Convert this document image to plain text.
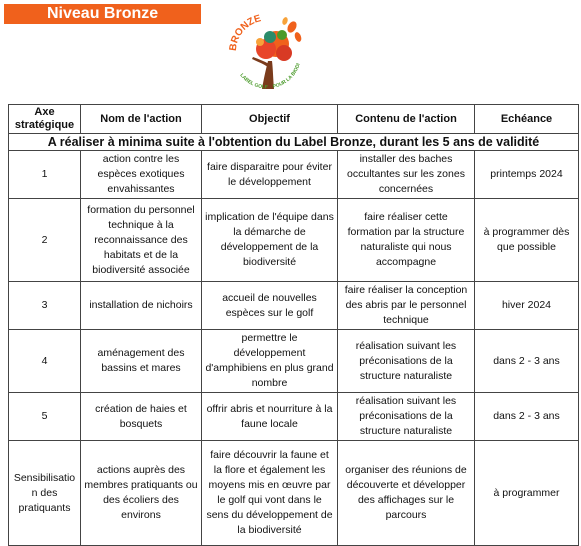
Niveau Bronze
BRONZE
LABEL GOLF POUR LA BIODI
Axe stratégique	Nom de l'action	Objectif	Contenu de l'action	Echéance
A réaliser à minima suite à l'obtention du Label Bronze, durant les 5 ans de validité				
1	action contre les espèces exotiques envahissantes	faire disparaitre pour éviter le développement	installer des baches occultantes sur les zones concernées	printemps 2024
2	formation du personnel technique à la reconnaissance des habitats et de la biodiversité associée	implication de l'équipe dans la démarche de développement de la biodiversité	faire réaliser cette formation par la structure naturaliste qui nous accompagne	à programmer dès que possible
3	installation de nichoirs	accueil de nouvelles espèces sur le golf	faire réaliser la conception des abris par le personnel technique	hiver 2024
4	aménagement des bassins et mares	permettre le développement d'amphibiens en plus grand nombre	réalisation suivant les préconisations de la structure naturaliste	dans 2 - 3 ans
5	création de haies et bosquets	offrir abris et nourriture à la faune locale	réalisation suivant les préconisations de la structure naturaliste	dans 2 - 3 ans
Sensibilisatio n des pratiquants	actions auprès des membres pratiquants ou des écoliers des environs	faire découvrir la faune et la flore et également les moyens mis en œuvre par le golf qui vont dans le sens du développement de la biodiversité	organiser des réunions de découverte et développer des affichages sur le parcours	à programmer
